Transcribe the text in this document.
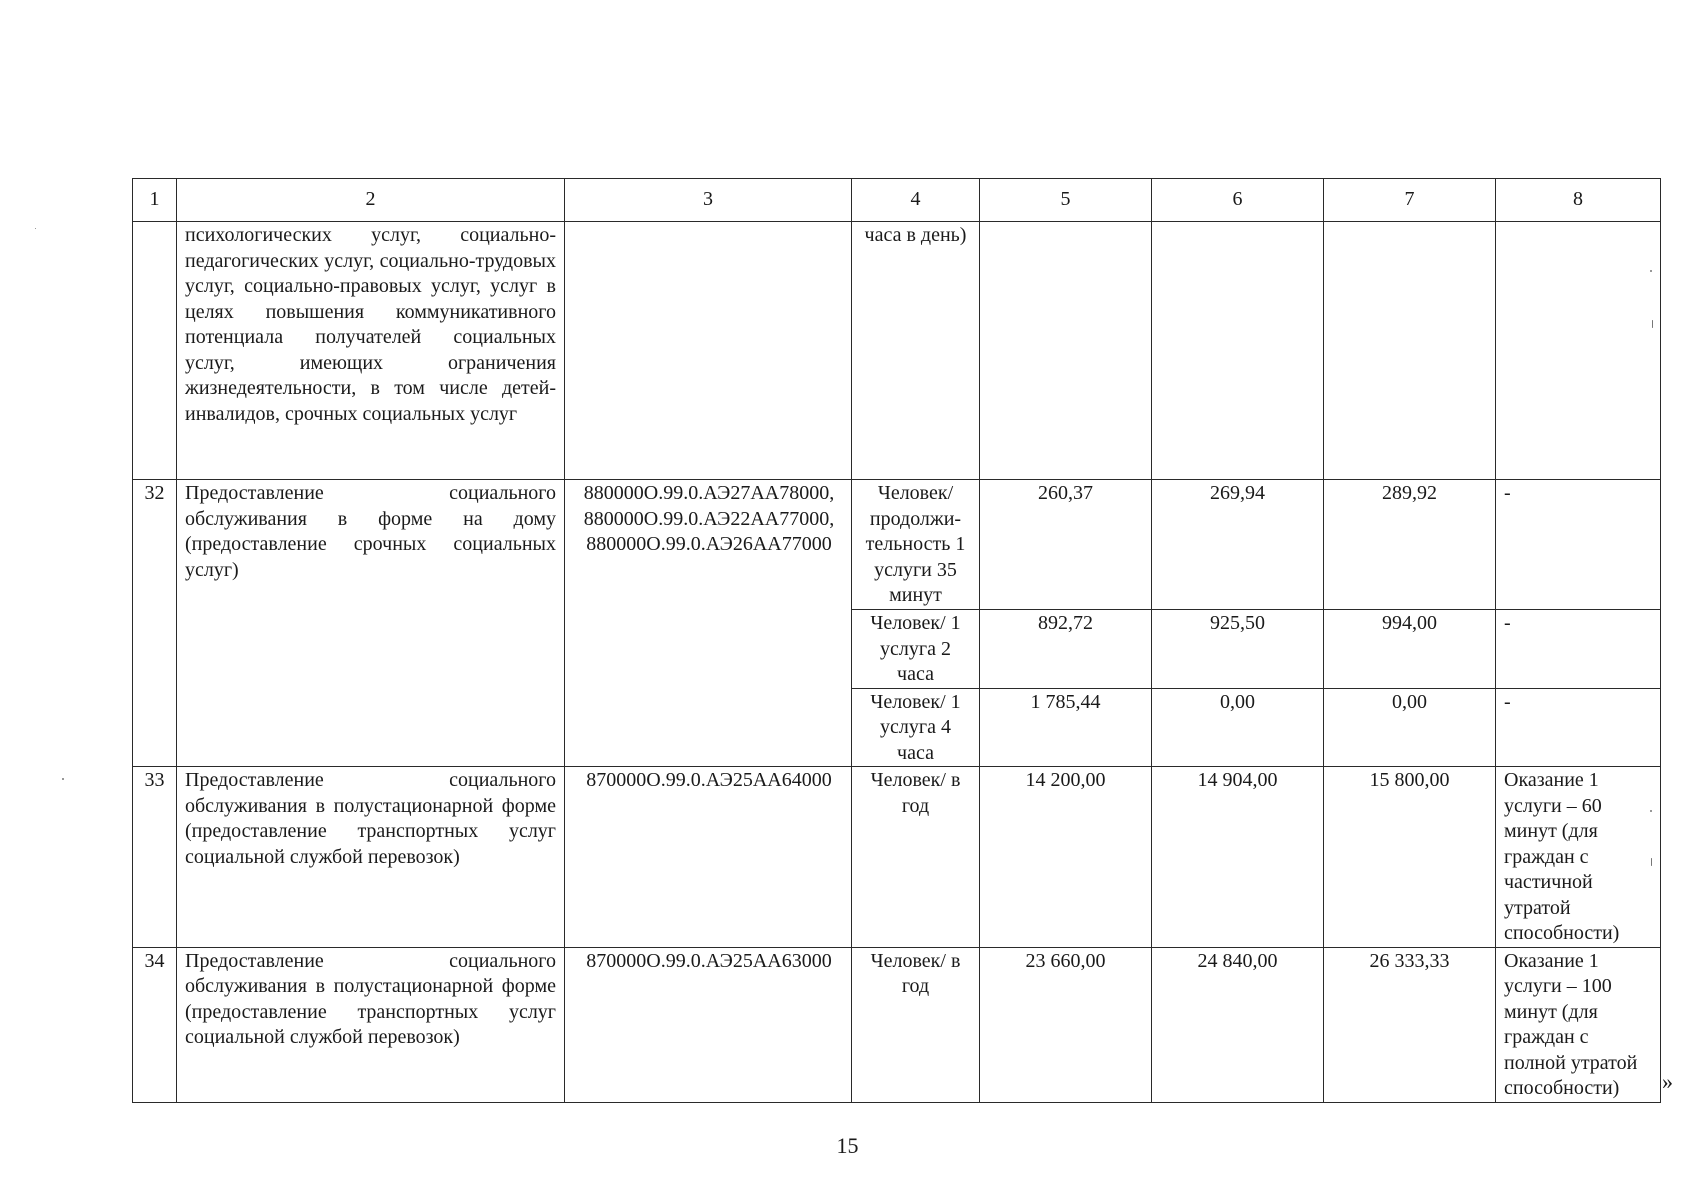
1	2	3	4	5	6	7	8
	психологических услуг, социально-педагогических услуг, социально-трудовых услуг, социально-правовых услуг, услуг в целях повышения коммуникативного потенциала получателей социальных услуг, имеющих ограничения жизнедеятельности, в том числе детей-инвалидов, срочных социальных услуг		часа в день)				
32	Предоставление социального обслуживания в форме на дому (предоставление срочных социальных услуг)	880000О.99.0.АЭ27АА78000, 880000О.99.0.АЭ22АА77000, 880000О.99.0.АЭ26АА77000	Человек/ продолжи-тельность 1 услуги 35 минут	260,37	269,94	289,92	-
			Человек/ 1 услуга 2 часа	892,72	925,50	994,00	-
			Человек/ 1 услуга 4 часа	1 785,44	0,00	0,00	-
33	Предоставление социального обслуживания в полустационарной форме (предоставление транспортных услуг социальной службой перевозок)	870000О.99.0.АЭ25АА64000	Человек/ в год	14 200,00	14 904,00	15 800,00	Оказание 1 услуги – 60 минут (для граждан с частичной утратой способности)
34	Предоставление социального обслуживания в полустационарной форме (предоставление транспортных услуг социальной службой перевозок)	870000О.99.0.АЭ25АА63000	Человек/ в год	23 660,00	24 840,00	26 333,33	Оказание 1 услуги – 100 минут (для граждан с полной утратой способности) »
15
